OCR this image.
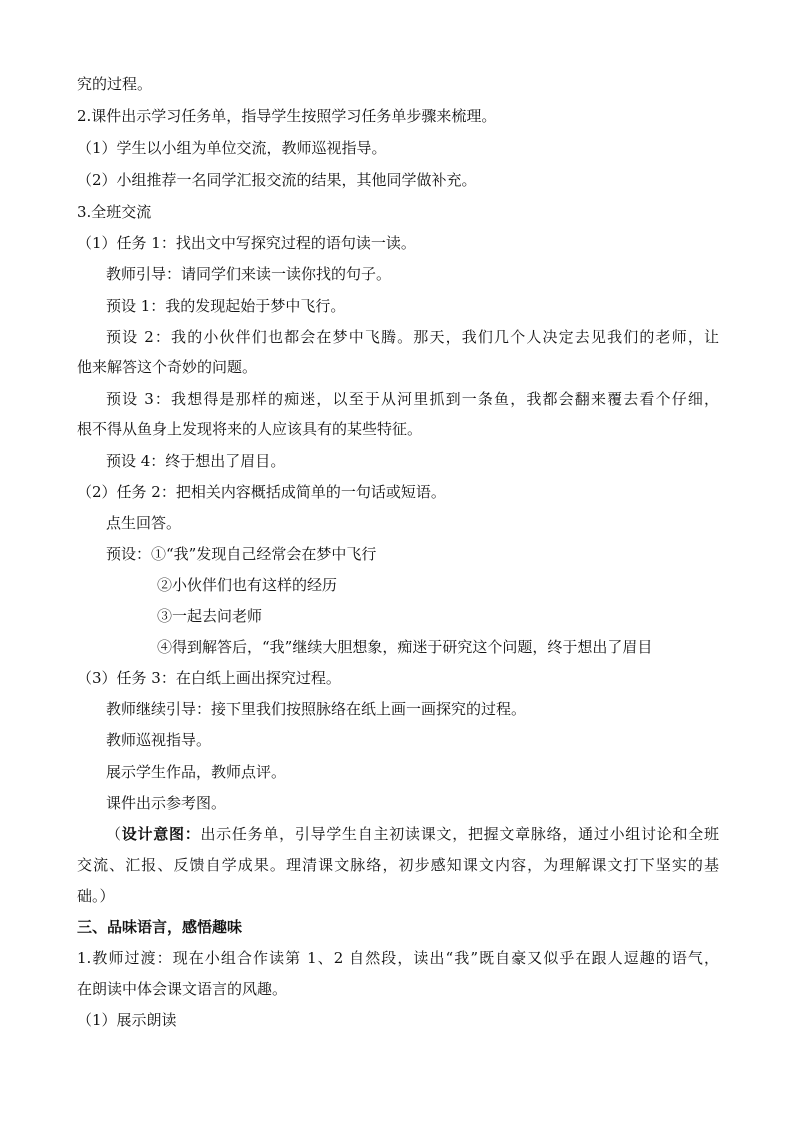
究的过程。
2.课件出示学习任务单，指导学生按照学习任务单步骤来梳理。
（1）学生以小组为单位交流，教师巡视指导。
（2）小组推荐一名同学汇报交流的结果，其他同学做补充。
3.全班交流
（1）任务 1：找出文中写探究过程的语句读一读。
教师引导：请同学们来读一读你找的句子。
预设 1：我的发现起始于梦中飞行。
预设 2：我的小伙伴们也都会在梦中飞腾。那天，我们几个人决定去见我们的老师，让
他来解答这个奇妙的问题。
预设 3：我想得是那样的痴迷，以至于从河里抓到一条鱼，我都会翻来覆去看个仔细，
根不得从鱼身上发现将来的人应该具有的某些特征。
预设 4：终于想出了眉目。
（2）任务 2：把相关内容概括成简单的一句话或短语。
点生回答。
预设：①“我”发现自己经常会在梦中飞行
②小伙伴们也有这样的经历
③一起去问老师
④得到解答后，“我”继续大胆想象，痴迷于研究这个问题，终于想出了眉目
（3）任务 3：在白纸上画出探究过程。
教师继续引导：接下里我们按照脉络在纸上画一画探究的过程。
教师巡视指导。
展示学生作品，教师点评。
课件出示参考图。
（设计意图：出示任务单，引导学生自主初读课文，把握文章脉络，通过小组讨论和全班
交流、汇报、反馈自学成果。理清课文脉络，初步感知课文内容，为理解课文打下坚实的基
础。）
三、品味语言，感悟趣味
1.教师过渡：现在小组合作读第 1、2 自然段，读出“我”既自豪又似乎在跟人逗趣的语气，
在朗读中体会课文语言的风趣。
（1）展示朗读
